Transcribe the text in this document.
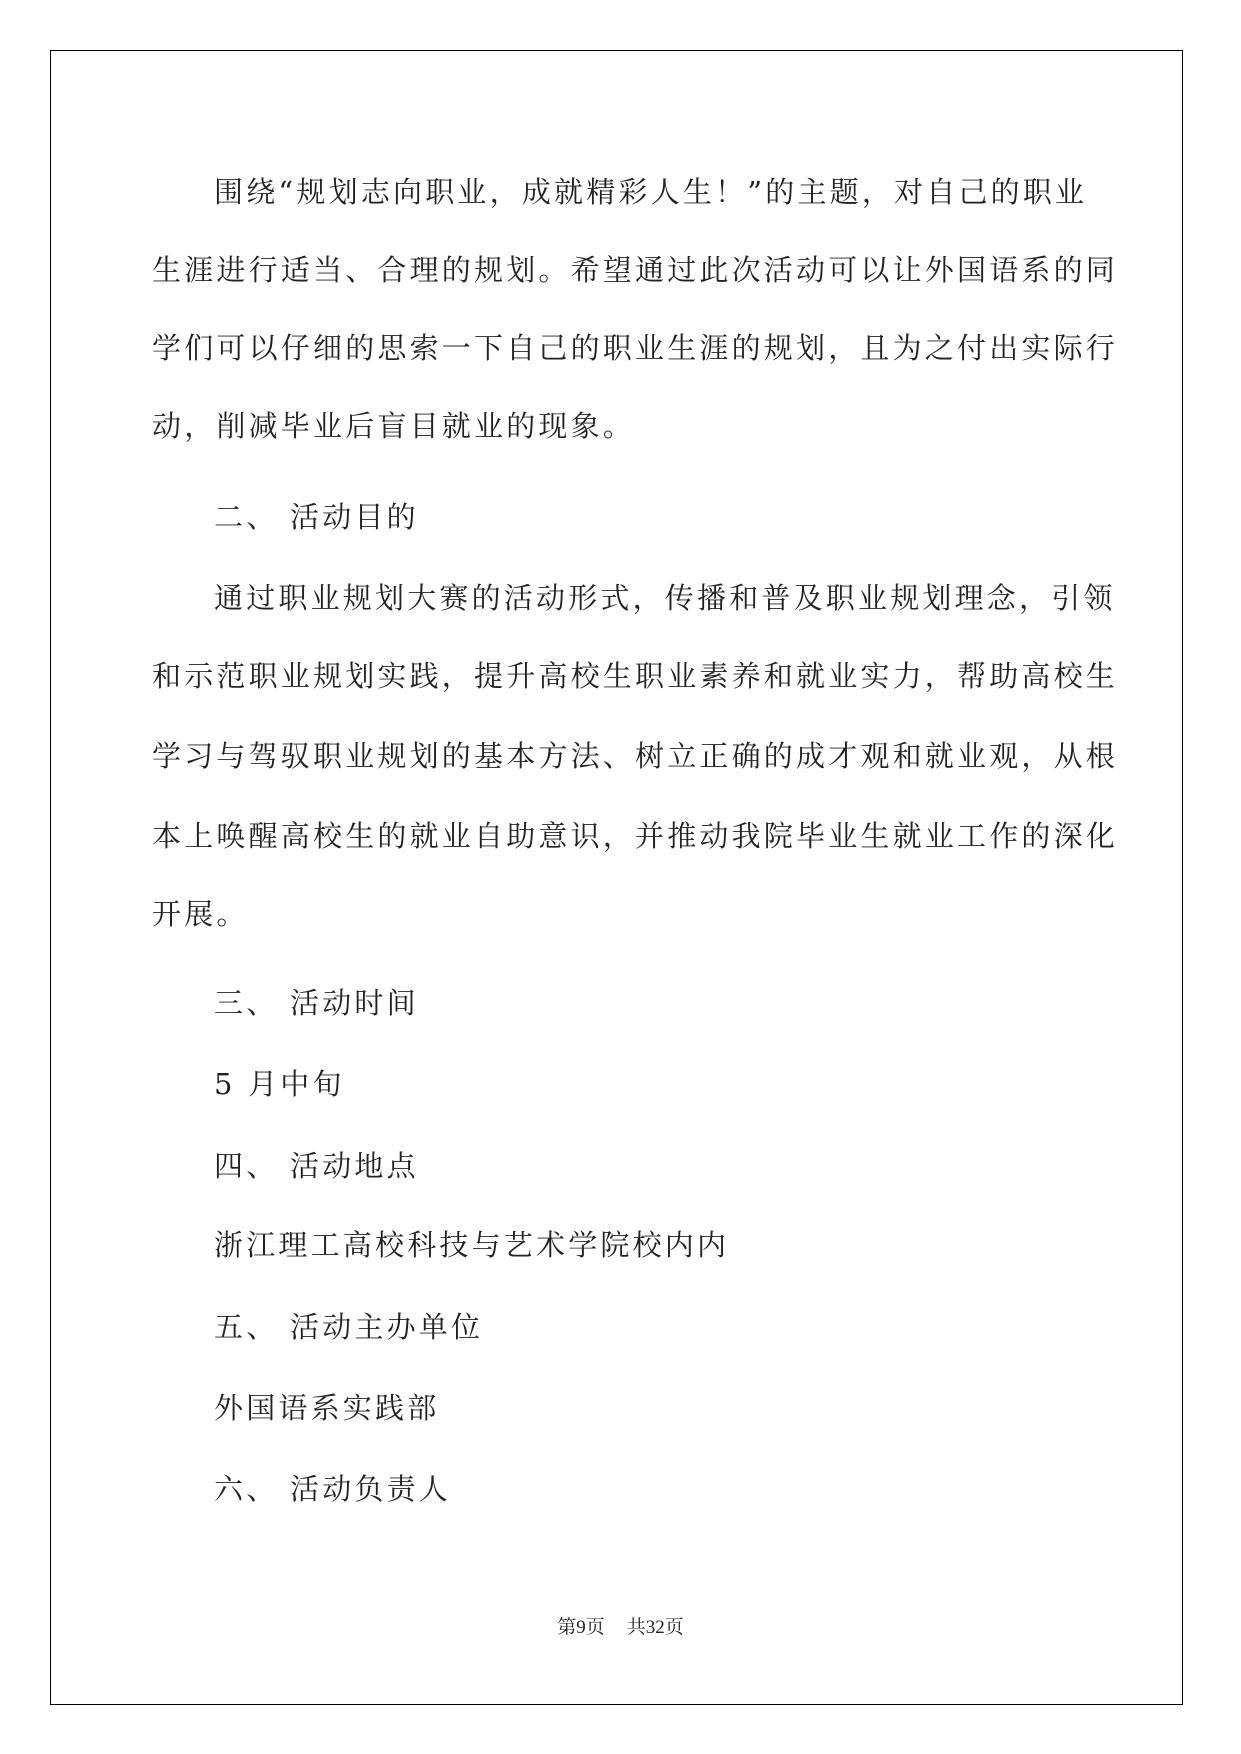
围绕“规划志向职业，成就精彩人生！”的主题，对自己的职业
生涯进行适当、合理的规划。希望通过此次活动可以让外国语系的同
学们可以仔细的思索一下自己的职业生涯的规划，且为之付出实际行
动，削减毕业后盲目就业的现象。
二、 活动目的
通过职业规划大赛的活动形式，传播和普及职业规划理念，引领
和示范职业规划实践，提升高校生职业素养和就业实力，帮助高校生
学习与驾驭职业规划的基本方法、树立正确的成才观和就业观，从根
本上唤醒高校生的就业自助意识，并推动我院毕业生就业工作的深化
开展。
三、 活动时间
5 月中旬
四、 活动地点
浙江理工高校科技与艺术学院校内内
五、 活动主办单位
外国语系实践部
六、 活动负责人
第9页 共32页
